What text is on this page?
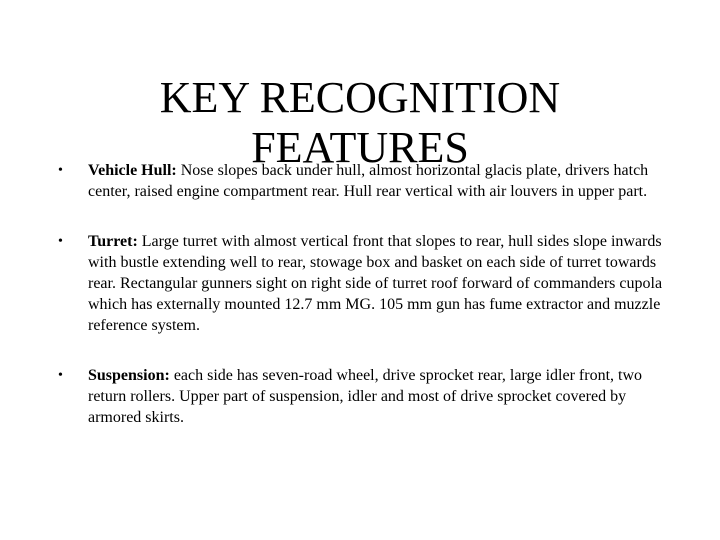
KEY RECOGNITION
FEATURES
• Vehicle Hull: Nose slopes back under hull, almost horizontal glacis plate, drivers hatch center, raised engine compartment rear. Hull rear vertical with air louvers in upper part.
• Turret: Large turret with almost vertical front that slopes to rear, hull sides slope inwards with bustle extending well to rear, stowage box and basket on each side of turret towards rear. Rectangular gunners sight on right side of turret roof forward of commanders cupola which has externally mounted 12.7 mm MG. 105 mm gun has fume extractor and muzzle reference system.
• Suspension: each side has seven-road wheel, drive sprocket rear, large idler front, two return rollers. Upper part of suspension, idler and most of drive sprocket covered by armored skirts.
